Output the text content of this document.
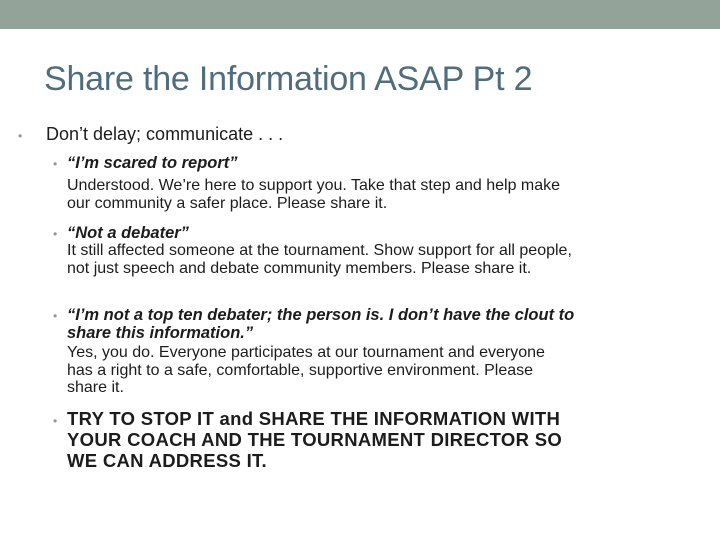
Share the Information ASAP Pt 2
• Don’t delay; communicate . . .

• “I’m scared to report”

Understood. We’re here to support you. Take that step and help make our community a safer place. Please share it.

• “Not a debater”

It still affected someone at the tournament. Show support for all people, not just speech and debate community members. Please share it.

• “I’m not a top ten debater; the person is. I don’t have the clout to share this information.”

Yes, you do. Everyone participates at our tournament and everyone has a right to a safe, comfortable, supportive environment. Please share it.

• TRY TO STOP IT and SHARE THE INFORMATION WITH YOUR COACH AND THE TOURNAMENT DIRECTOR SO WE CAN ADDRESS IT.
